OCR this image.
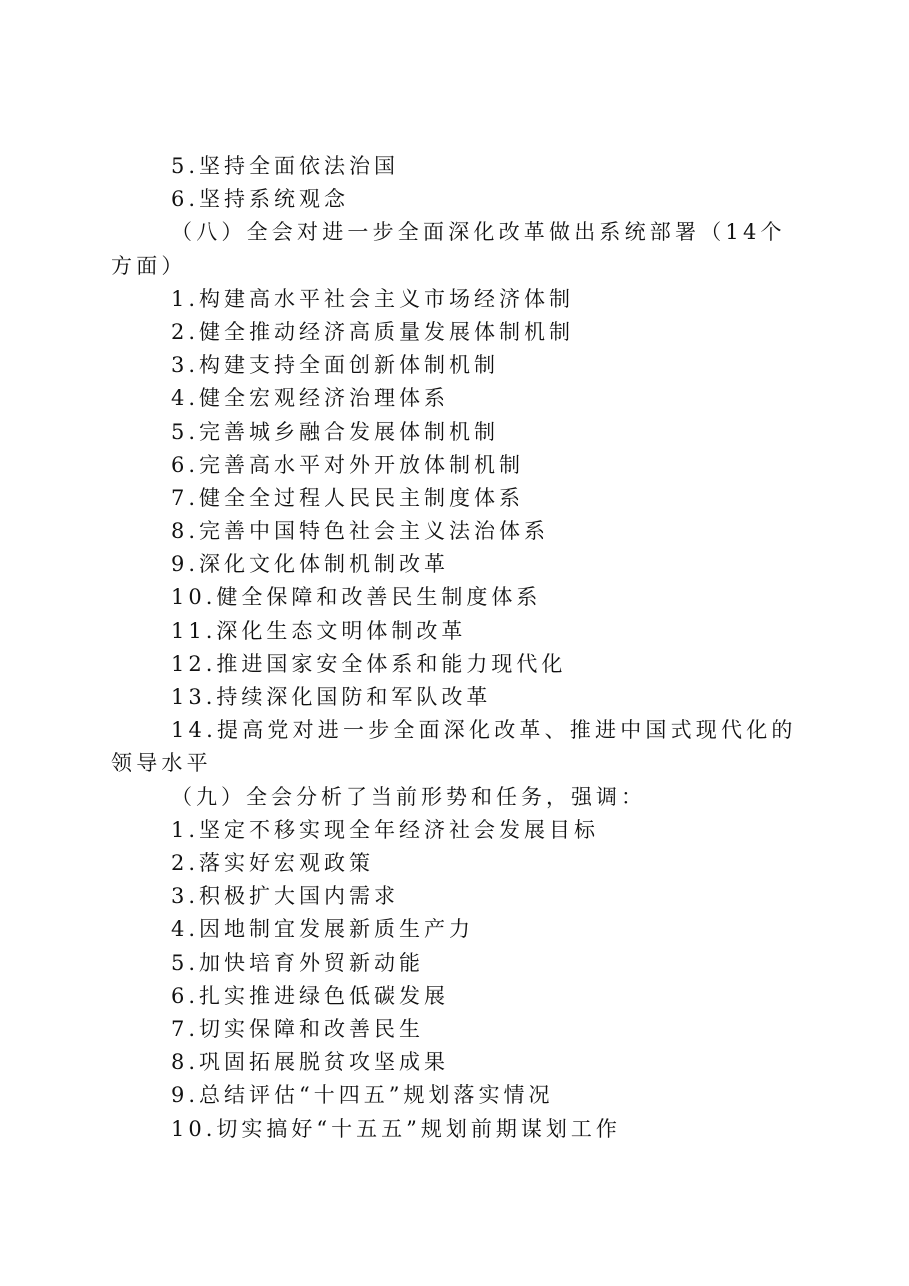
5.坚持全面依法治国
6.坚持系统观念
（八）全会对进一步全面深化改革做出系统部署（14个方面）
1.构建高水平社会主义市场经济体制
2.健全推动经济高质量发展体制机制
3.构建支持全面创新体制机制
4.健全宏观经济治理体系
5.完善城乡融合发展体制机制
6.完善高水平对外开放体制机制
7.健全全过程人民民主制度体系
8.完善中国特色社会主义法治体系
9.深化文化体制机制改革
10.健全保障和改善民生制度体系
11.深化生态文明体制改革
12.推进国家安全体系和能力现代化
13.持续深化国防和军队改革
14.提高党对进一步全面深化改革、推进中国式现代化的领导水平
（九）全会分析了当前形势和任务，强调：
1.坚定不移实现全年经济社会发展目标
2.落实好宏观政策
3.积极扩大国内需求
4.因地制宜发展新质生产力
5.加快培育外贸新动能
6.扎实推进绿色低碳发展
7.切实保障和改善民生
8.巩固拓展脱贫攻坚成果
9.总结评估“十四五”规划落实情况
10.切实搞好“十五五”规划前期谋划工作
